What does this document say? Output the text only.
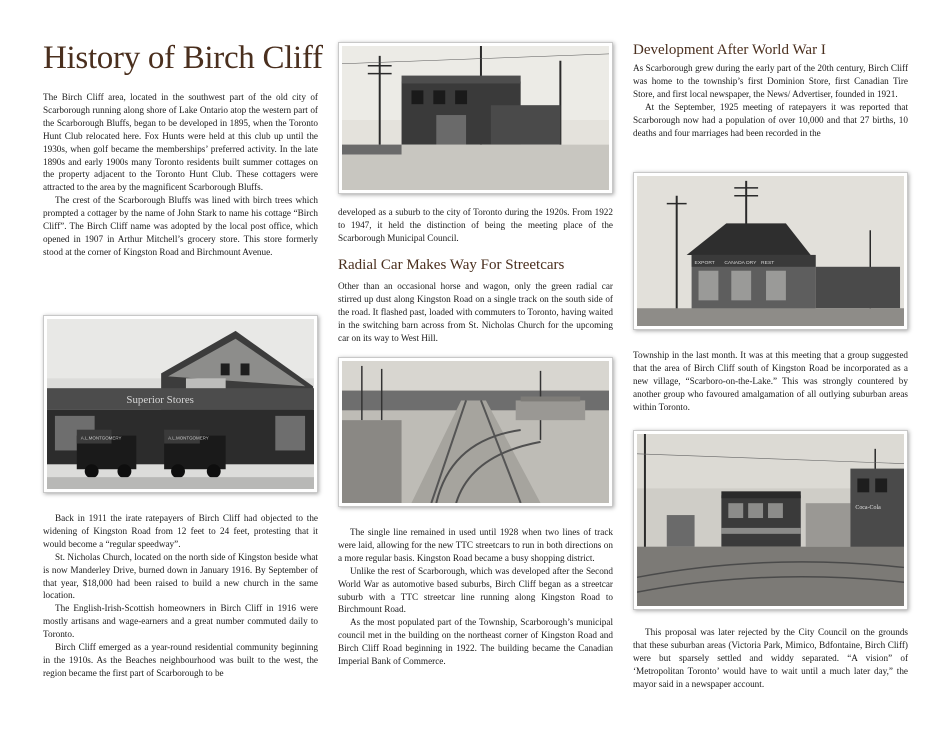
History of Birch Cliff

The Birch Cliff area, located in the southwest part of the old city of Scarborough running along shore of Lake Ontario atop the western part of the Scarborough Bluffs, began to be developed in 1895, when the Toronto Hunt Club relocated here. Fox Hunts were held at this club up until the 1930s, when golf became the memberships’ preferred activity. In the late 1890s and early 1900s many Toronto residents built summer cottages on the property adjacent to the Toronto Hunt Club. These cottagers were attracted to the area by the magnificent Scarborough Bluffs.

The crest of the Scarborough Bluffs was lined with birch trees which prompted a cottager by the name of John Stark to name his cottage “Birch Cliff”. The Birch Cliff name was adopted by the local post office, which opened in 1907 in Arthur Mitchell’s grocery store. This store formerly stood at the corner of Kingston Road and Birchmount Avenue.

Superior Stores
A.L.MONTGOMERY	A.L.MONTGOMERY

Back in 1911 the irate ratepayers of Birch Cliff had objected to the widening of Kingston Road from 12 feet to 24 feet, protesting that it would become a “regular speedway”.

St. Nicholas Church, located on the north side of Kingston beside what is now Manderley Drive, burned down in January 1916. By September of that year, $18,000 had been raised to build a new church in the same location.

The English-Irish-Scottish homeowners in Birch Cliff in 1916 were mostly artisans and wage-earners and a great number commuted daily to Toronto.

Birch Cliff emerged as a year-round residential community beginning in the 1910s. As the Beaches neighbourhood was built to the west, the region became the first part of Scarborough to be

developed as a suburb to the city of Toronto during the 1920s. From 1922 to 1947, it held the distinction of being the meeting place of the Scarborough Municipal Council.

Radial Car Makes Way For Streetcars

Other than an occasional horse and wagon, only the green radial car stirred up dust along Kingston Road on a single track on the south side of the road. It flashed past, loaded with commuters to Toronto, having waited in the switching barn across from St. Nicholas Church for the upcoming car on its way to West Hill.

The single line remained in used until 1928 when two lines of track were laid, allowing for the new TTC streetcars to run in both directions on a more regular basis. Kingston Road became a busy shopping district.

Unlike the rest of Scarborough, which was developed after the Second World War as automotive based suburbs, Birch Cliff began as a streetcar suburb with a TTC streetcar line running along Kingston Road to Birchmount Road.

As the most populated part of the Township, Scarborough’s municipal council met in the building on the northeast corner of Kingston Road and Birch Cliff Road beginning in 1922. The building became the Canadian Imperial Bank of Commerce.

Development After World War I

As Scarborough grew during the early part of the 20th century, Birch Cliff was home to the township’s first Dominion Store, first Canadian Tire Store, and first local newspaper, the News/ Advertiser, founded in 1921.

At the September, 1925 meeting of ratepayers it was reported that Scarborough now had a population of over 10,000 and that 27 births, 10 deaths and four marriages had been recorded in the

EXPORT CANADA DRY REST

Township in the last month. It was at this meeting that a group suggested that the area of Birch Cliff south of Kingston Road be incorporated as a new village, “Scarboro-on-the-Lake.” This was strongly countered by another group who favoured amalgamation of all outlying suburban areas within Toronto.

Coca-Cola

This proposal was later rejected by the City Council on the grounds that these suburban areas (Victoria Park, Mimico, Bdfontaine, Birch Cliff) were but sparsely settled and widdy separated. “A vision” of ‘Metropolitan Toronto’ would have to wait until a much later day,” the mayor said in a newspaper account.
